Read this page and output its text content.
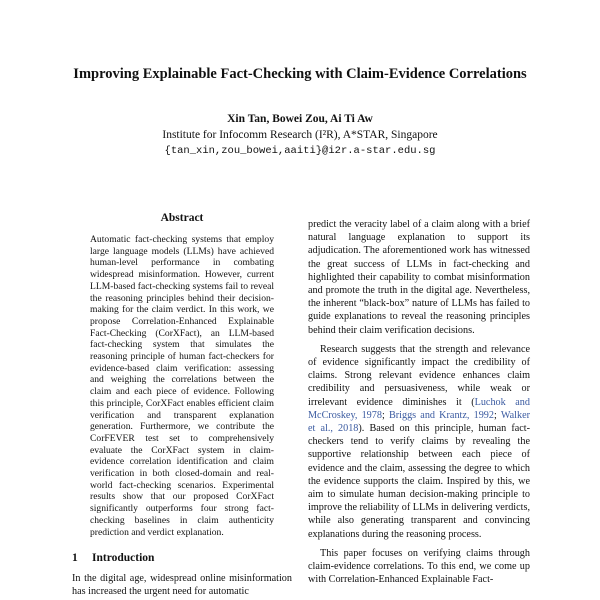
Improving Explainable Fact-Checking with Claim-Evidence Correlations
Xin Tan, Bowei Zou, Ai Ti Aw
Institute for Infocomm Research (I²R), A*STAR, Singapore
{tan_xin,zou_bowei,aaiti}@i2r.a-star.edu.sg
Abstract

Automatic fact-checking systems that employ large language models (LLMs) have achieved human-level performance in combating widespread misinformation. However, current LLM-based fact-checking systems fail to reveal the reasoning principles behind their decision-making for the claim verdict. In this work, we propose Correlation-Enhanced Explainable Fact-Checking (CorXFact), an LLM-based fact-checking system that simulates the reasoning principle of human fact-checkers for evidence-based claim verification: assessing and weighing the correlations between the claim and each piece of evidence. Following this principle, CorXFact enables efficient claim verification and transparent explanation generation. Furthermore, we contribute the CorFEVER test set to comprehensively evaluate the CorXFact system in claim-evidence correlation identification and claim verification in both closed-domain and real-world fact-checking scenarios. Experimental results show that our proposed CorXFact significantly outperforms four strong fact-checking baselines in claim authenticity prediction and verdict explanation.

1 Introduction

In the digital age, widespread online misinformation has increased the urgent need for automatic

predict the veracity label of a claim along with a brief natural language explanation to support its adjudication. The aforementioned work has witnessed the great success of LLMs in fact-checking and highlighted their capability to combat misinformation and promote the truth in the digital age. Nevertheless, the inherent “black-box” nature of LLMs has failed to guide explanations to reveal the reasoning principles behind their claim verification decisions.

Research suggests that the strength and relevance of evidence significantly impact the credibility of claims. Strong relevant evidence enhances claim credibility and persuasiveness, while weak or irrelevant evidence diminishes it (Luchok and McCroskey, 1978; Briggs and Krantz, 1992; Walker et al., 2018). Based on this principle, human fact-checkers tend to verify claims by revealing the supportive relationship between each piece of evidence and the claim, assessing the degree to which the evidence supports the claim. Inspired by this, we aim to simulate human decision-making principle to improve the reliability of LLMs in delivering verdicts, while also generating transparent and convincing explanations during the reasoning process.

This paper focuses on verifying claims through claim-evidence correlations. To this end, we come up with Correlation-Enhanced Explainable Fact-
